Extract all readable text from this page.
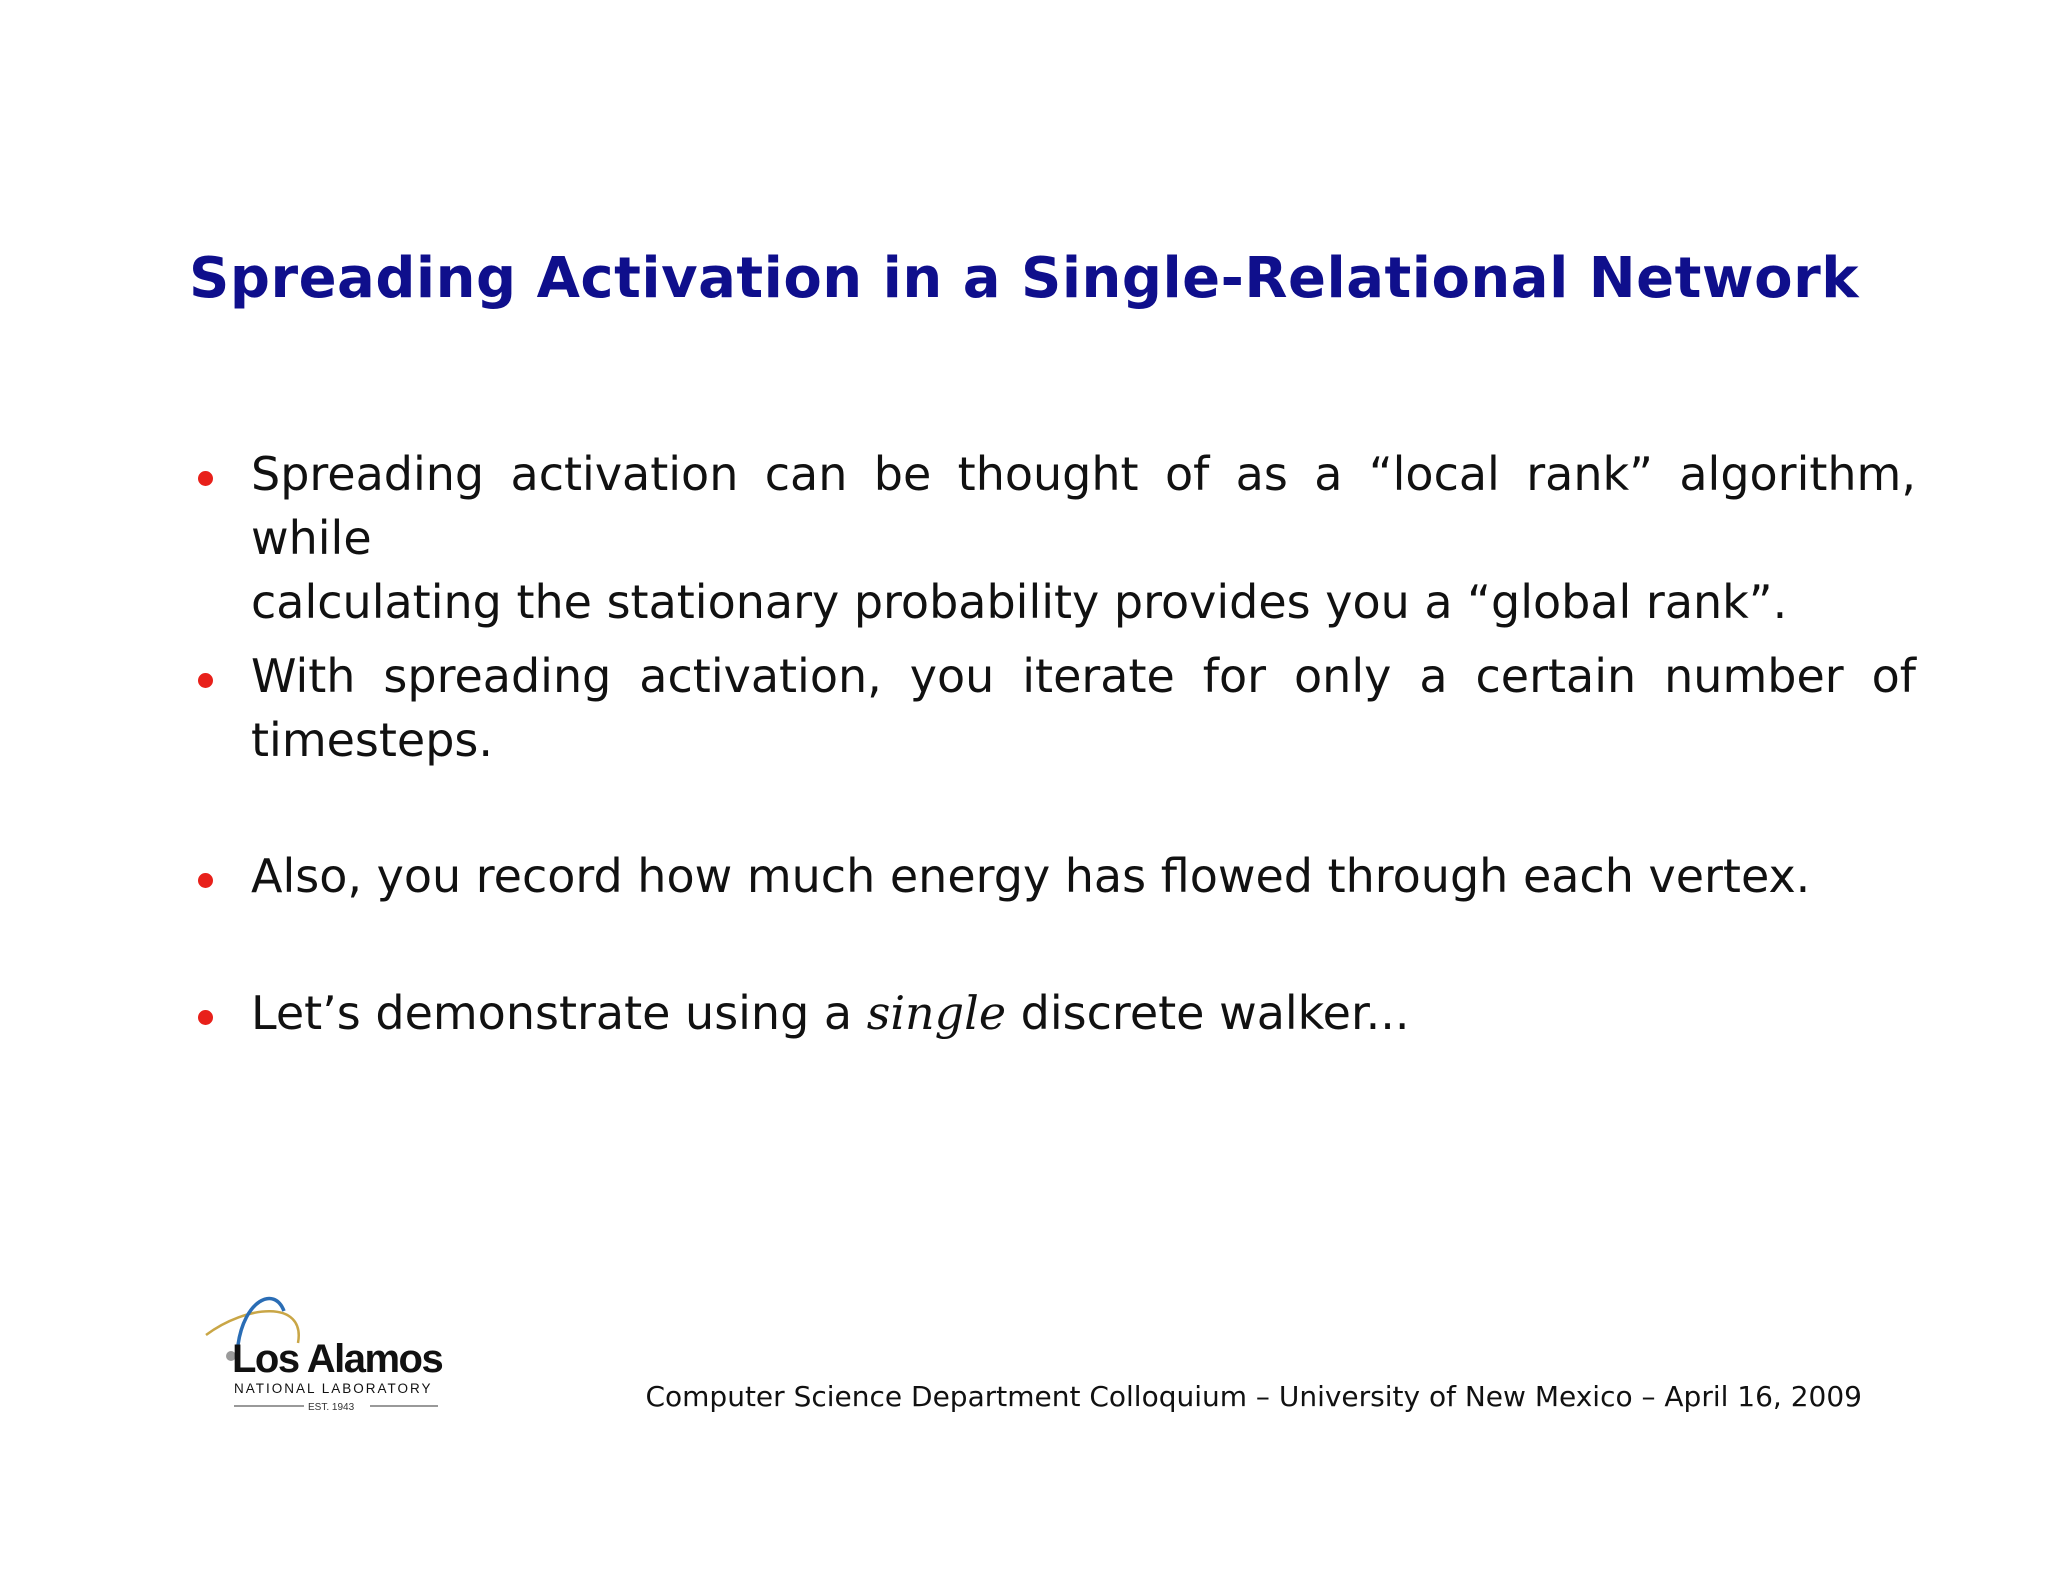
Spreading Activation in a Single-Relational Network
Spreading activation can be thought of as a “local rank” algorithm, while
calculating the stationary probability provides you a “global rank”.
With spreading activation, you iterate for only a certain number of
timesteps.
Also, you record how much energy has flowed through each vertex.
Let’s demonstrate using a single discrete walker...
Los Alamos
NATIONAL LABORATORY
EST. 1943	Computer Science Department Colloquium – University of New Mexico – April 16, 2009
